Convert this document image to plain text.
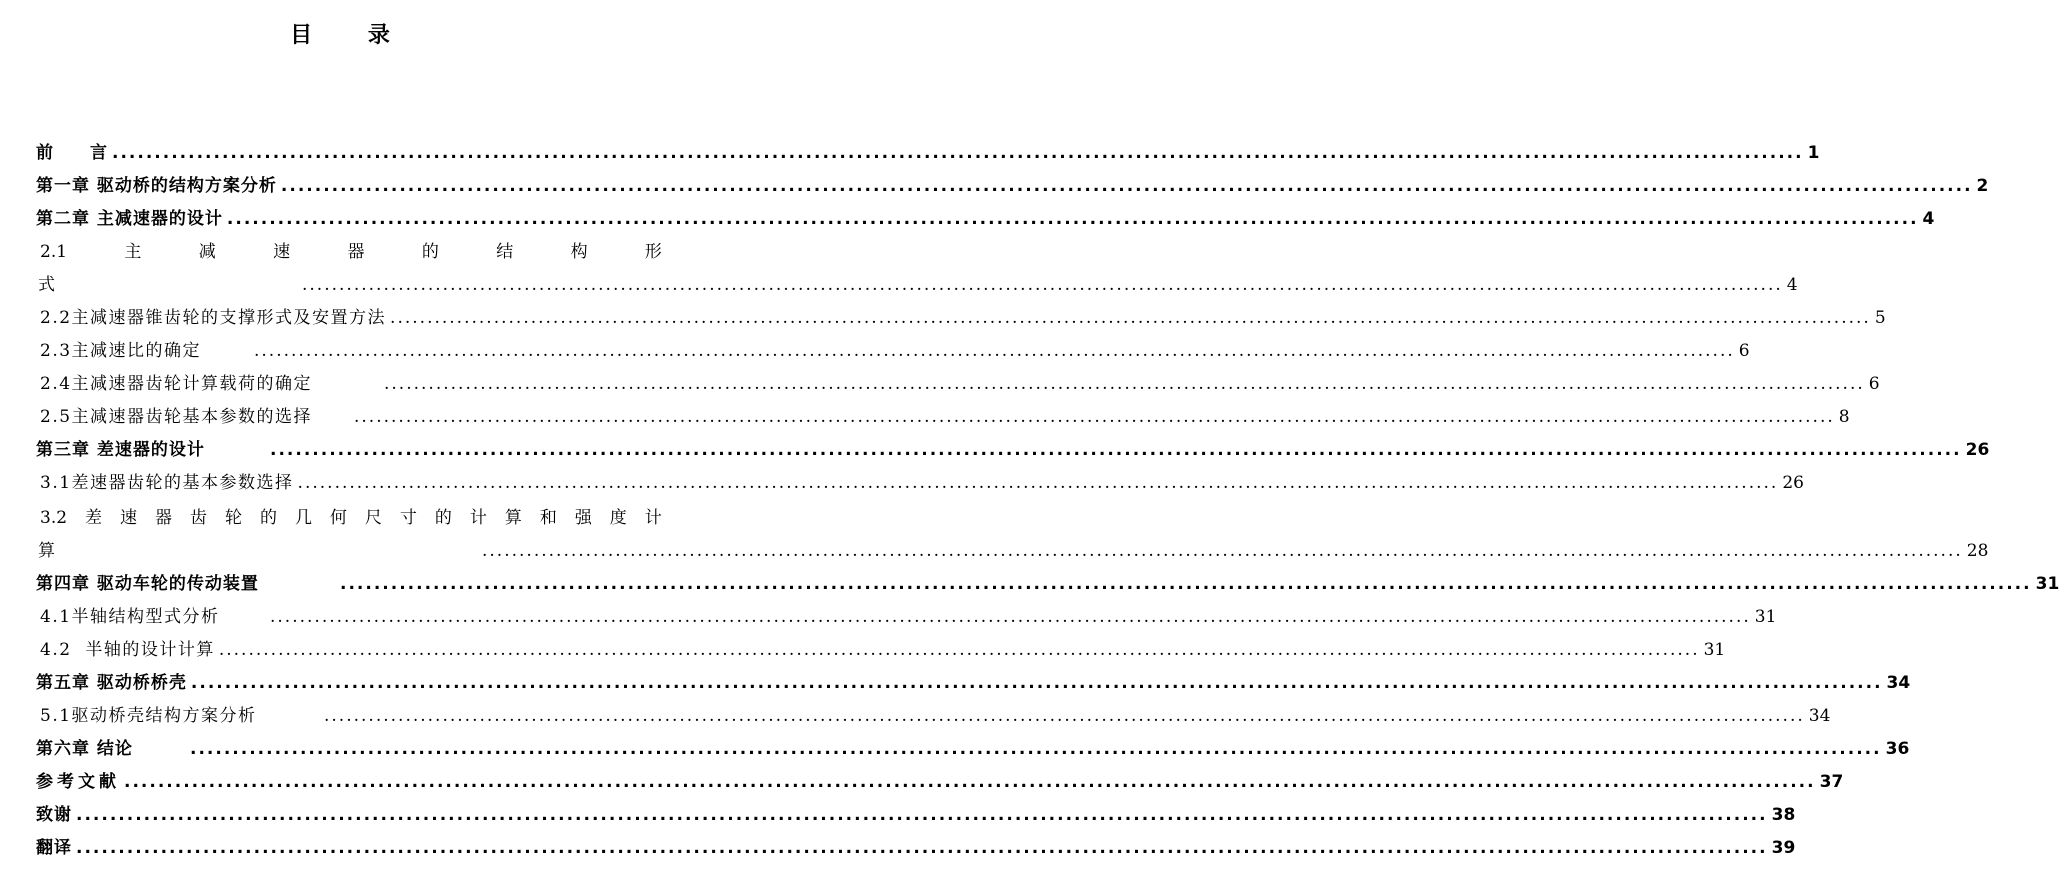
目	录
前　　言 ........................................................................................................................................................................................................ 1
第一章 驱动桥的结构方案分析 ........................................................................................................................................................................................................ 2
第二章 主减速器的设计 ........................................................................................................................................................................................................ 4
2.1	主	减	速	器	的	结	构	形
式	........................................................................................................................................................................................................ 4
2.2主减速器锥齿轮的支撑形式及安置方法 ........................................................................................................................................................................................................ 5
2.3主减速比的确定	........................................................................................................................................................................................................ 6
2.4主减速器齿轮计算载荷的确定	........................................................................................................................................................................................................ 6
2.5主减速器齿轮基本参数的选择	........................................................................................................................................................................................................ 8
第三章 差速器的设计	........................................................................................................................................................................................................ 26
3.1差速器齿轮的基本参数选择 ........................................................................................................................................................................................................ 26
3.2 差 速 器 齿 轮 的 几 何 尺 寸 的 计 算 和 强 度 计
算	........................................................................................................................................................................................................ 28
第四章 驱动车轮的传动装置	........................................................................................................................................................................................................ 31
4.1半轴结构型式分析	........................................................................................................................................................................................................ 31
4.2  半轴的设计计算 ........................................................................................................................................................................................................ 31
第五章 驱动桥桥壳 ........................................................................................................................................................................................................ 34
5.1驱动桥壳结构方案分析	........................................................................................................................................................................................................ 34
第六章 结论	........................................................................................................................................................................................................ 36
参考文献 ........................................................................................................................................................................................................ 37
致谢 ........................................................................................................................................................................................................ 38
翻译 ........................................................................................................................................................................................................ 39
